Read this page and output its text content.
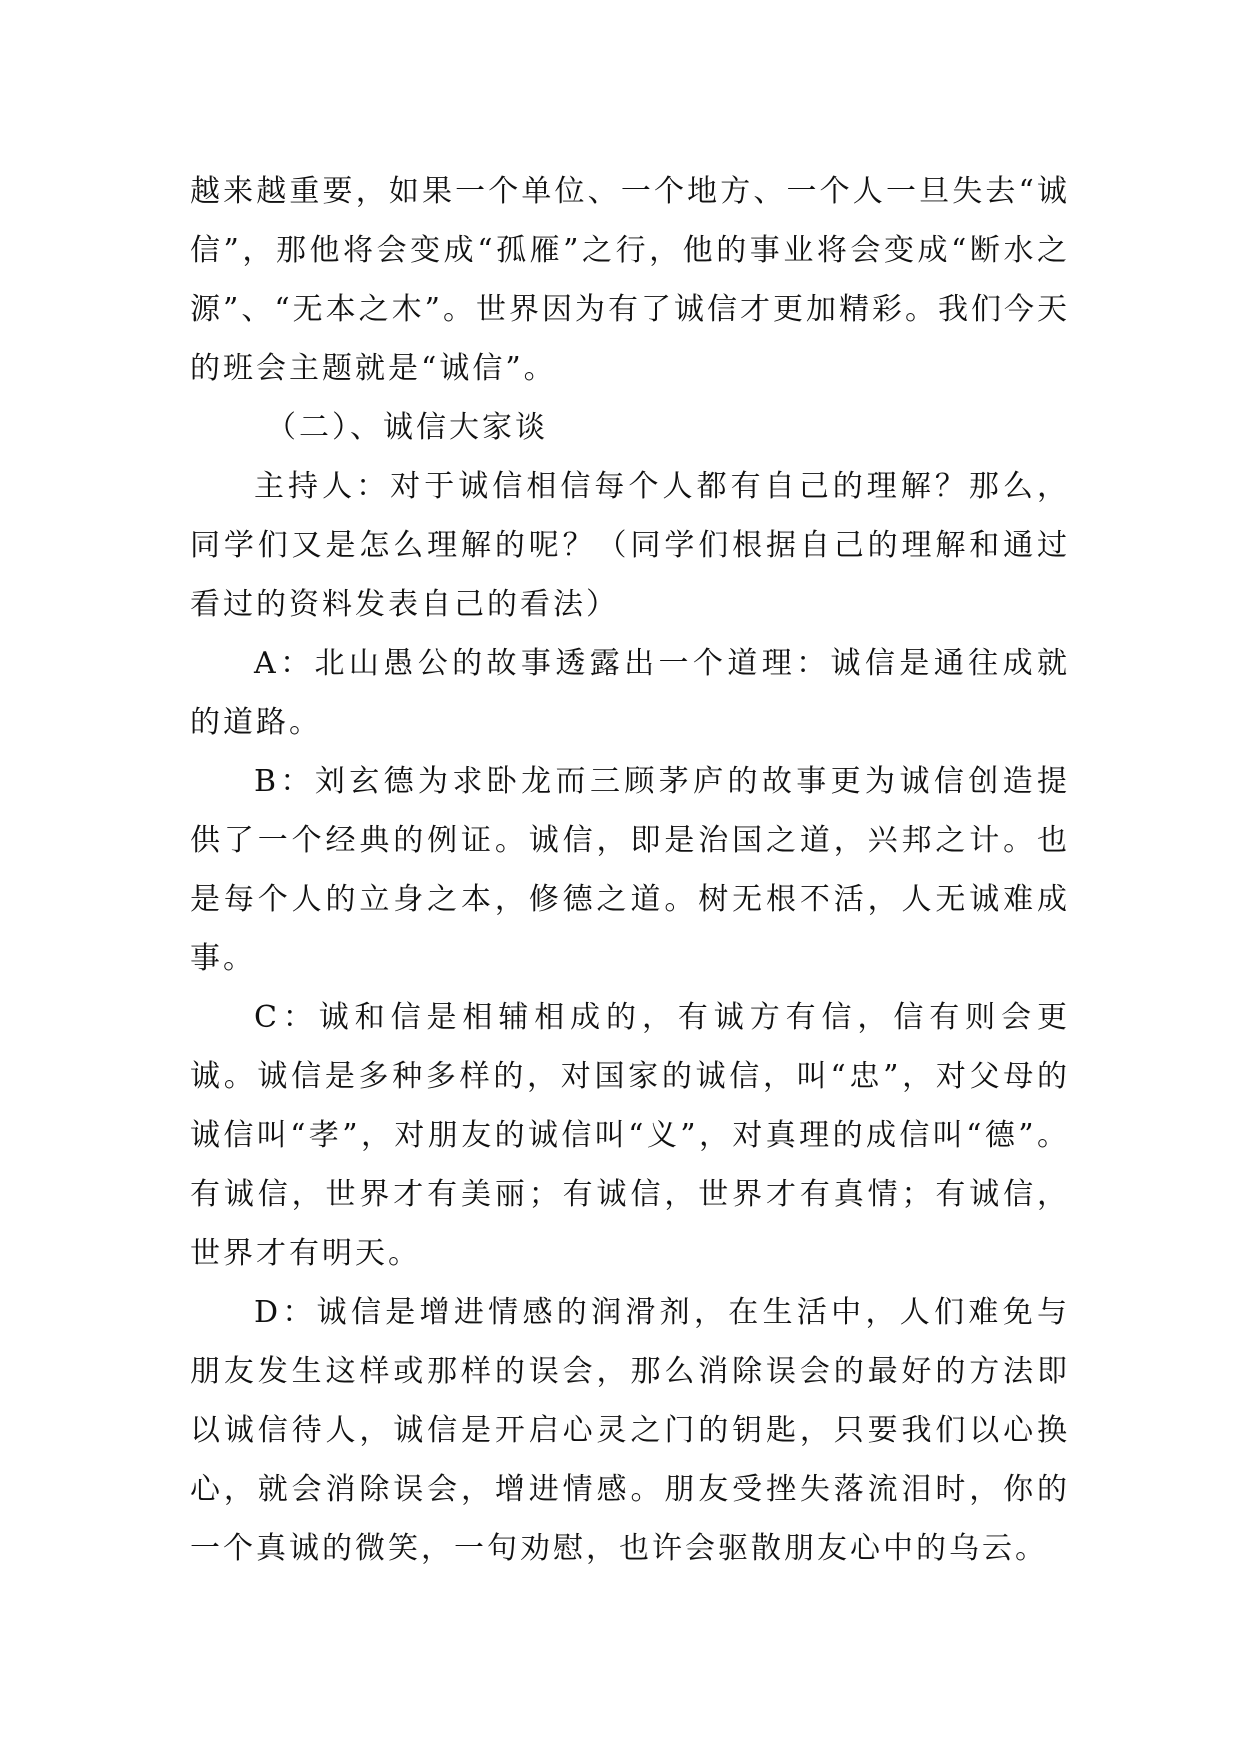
越来越重要，如果一个单位、一个地方、一个人一旦失去“诚信”，那他将会变成“孤雁”之行，他的事业将会变成“断水之源”、“无本之木”。世界因为有了诚信才更加精彩。我们今天的班会主题就是“诚信”。

（二）、诚信大家谈

主持人：对于诚信相信每个人都有自己的理解？那么，同学们又是怎么理解的呢？（同学们根据自己的理解和通过看过的资料发表自己的看法）

A：北山愚公的故事透露出一个道理：诚信是通往成就的道路。

B：刘玄德为求卧龙而三顾茅庐的故事更为诚信创造提供了一个经典的例证。诚信，即是治国之道，兴邦之计。也是每个人的立身之本，修德之道。树无根不活，人无诚难成事。

C：诚和信是相辅相成的，有诚方有信，信有则会更诚。诚信是多种多样的，对国家的诚信，叫“忠”，对父母的诚信叫“孝”，对朋友的诚信叫“义”，对真理的成信叫“德”。有诚信，世界才有美丽；有诚信，世界才有真情；有诚信，世界才有明天。

D：诚信是增进情感的润滑剂，在生活中，人们难免与朋友发生这样或那样的误会，那么消除误会的最好的方法即以诚信待人，诚信是开启心灵之门的钥匙，只要我们以心换心，就会消除误会，增进情感。朋友受挫失落流泪时，你的一个真诚的微笑，一句劝慰，也许会驱散朋友心中的乌云。
